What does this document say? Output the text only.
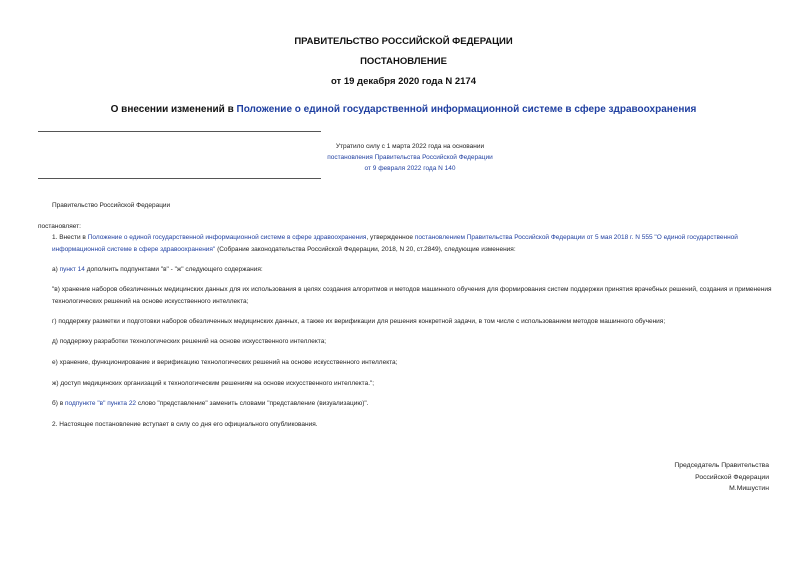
ПРАВИТЕЛЬСТВО РОССИЙСКОЙ ФЕДЕРАЦИИ
ПОСТАНОВЛЕНИЕ
от 19 декабря 2020 года N 2174
О внесении изменений в Положение о единой государственной информационной системе в сфере здравоохранения
Утратило силу с 1 марта 2022 года на основании
постановления Правительства Российской Федерации
от 9 февраля 2022 года N 140
Правительство Российской Федерации
постановляет:
1. Внести в Положение о единой государственной информационной системе в сфере здравоохранения, утвержденное постановлением Правительства Российской Федерации от 5 мая 2018 г. N 555 "О единой государственной информационной системе в сфере здравоохранения" (Собрание законодательства Российской Федерации, 2018, N 20, ст.2849), следующие изменения:
а) пункт 14 дополнить подпунктами "в" - "ж" следующего содержания:
"в) хранение наборов обезличенных медицинских данных для их использования в целях создания алгоритмов и методов машинного обучения для формирования систем поддержки принятия врачебных решений, создания и применения технологических решений на основе искусственного интеллекта;
г) поддержку разметки и подготовки наборов обезличенных медицинских данных, а также их верификации для решения конкретной задачи, в том числе с использованием методов машинного обучения;
д) поддержку разработки технологических решений на основе искусственного интеллекта;
е) хранение, функционирование и верификацию технологических решений на основе искусственного интеллекта;
ж) доступ медицинских организаций к технологическим решениям на основе искусственного интеллекта.";
б) в подпункте "в" пункта 22 слово "представление" заменить словами "представление (визуализацию)".
2. Настоящее постановление вступает в силу со дня его официального опубликования.
Председатель Правительства
Российской Федерации
М.Мишустин
